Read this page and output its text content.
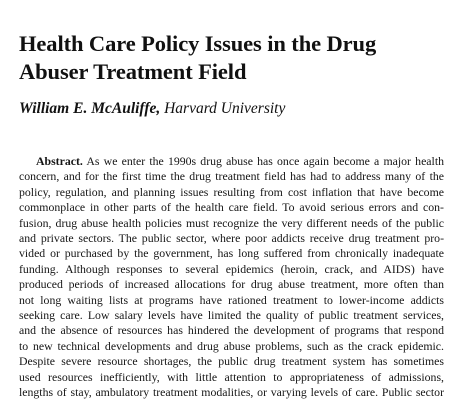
Health Care Policy Issues in the Drug
Abuser Treatment Field

William E. McAuliffe, Harvard University

Abstract. As we enter the 1990s drug abuse has once again become a major health
concern, and for the first time the drug treatment field has had to address many of the
policy, regulation, and planning issues resulting from cost inflation that have become
commonplace in other parts of the health care field. To avoid serious errors and con-
fusion, drug abuse health policies must recognize the very different needs of the public
and private sectors. The public sector, where poor addicts receive drug treatment pro-
vided or purchased by the government, has long suffered from chronically inadequate
funding. Although responses to several epidemics (heroin, crack, and AIDS) have
produced periods of increased allocations for drug abuse treatment, more often than
not long waiting lists at programs have rationed treatment to lower-income addicts
seeking care. Low salary levels have limited the quality of public treatment services,
and the absence of resources has hindered the development of programs that respond
to new technical developments and drug abuse problems, such as the crack epidemic.
Despite severe resource shortages, the public drug treatment system has sometimes
used resources inefficiently, with little attention to appropriateness of admissions,
lengths of stay, ambulatory treatment modalities, or varying levels of care. Public sector
